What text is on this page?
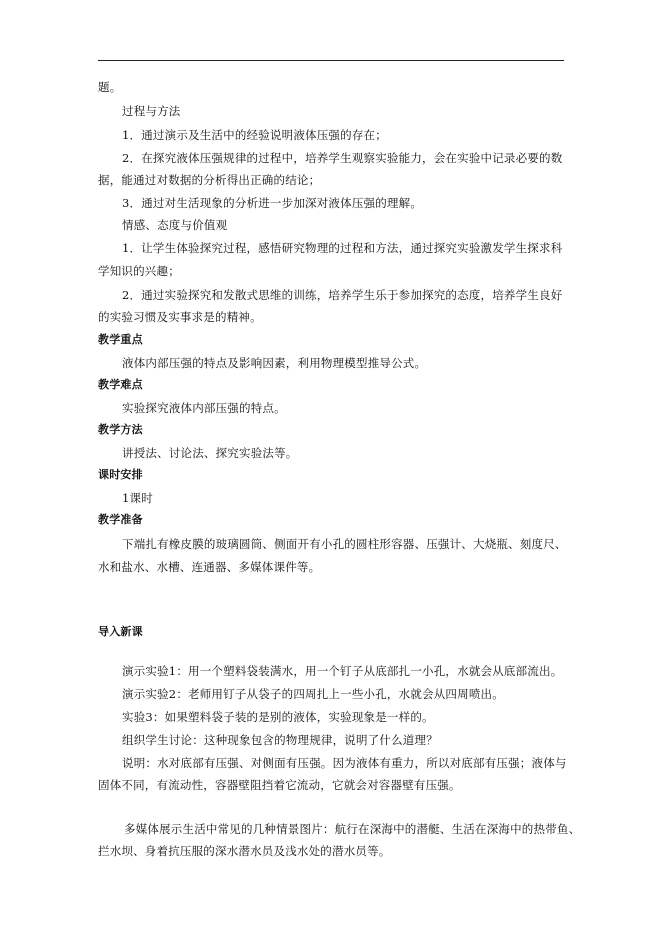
题。
过程与方法
1．通过演示及生活中的经验说明液体压强的存在；
2．在探究液体压强规律的过程中，培养学生观察实验能力，会在实验中记录必要的数
据，能通过对数据的分析得出正确的结论；
3．通过对生活现象的分析进一步加深对液体压强的理解。
情感、态度与价值观
1．让学生体验探究过程，感悟研究物理的过程和方法，通过探究实验激发学生探求科
学知识的兴趣；
2．通过实验探究和发散式思维的训练，培养学生乐于参加探究的态度，培养学生良好
的实验习惯及实事求是的精神。
教学重点
液体内部压强的特点及影响因素，利用物理模型推导公式。
教学难点
实验探究液体内部压强的特点。
教学方法
讲授法、讨论法、探究实验法等。
课时安排
1课时
教学准备
下端扎有橡皮膜的玻璃圆筒、侧面开有小孔的圆柱形容器、压强计、大烧瓶、刻度尺、
水和盐水、水槽、连通器、多媒体课件等。
导入新课
演示实验1：用一个塑料袋装满水，用一个钉子从底部扎一小孔，水就会从底部流出。
演示实验2：老师用钉子从袋子的四周扎上一些小孔，水就会从四周喷出。
实验3：如果塑料袋子装的是别的液体，实验现象是一样的。
组织学生讨论：这种现象包含的物理规律，说明了什么道理？
说明：水对底部有压强、对侧面有压强。因为液体有重力，所以对底部有压强；液体与
固体不同，有流动性，容器壁阻挡着它流动，它就会对容器壁有压强。
多媒体展示生活中常见的几种情景图片：航行在深海中的潜艇、生活在深海中的热带鱼、
拦水坝、身着抗压服的深水潜水员及浅水处的潜水员等。
